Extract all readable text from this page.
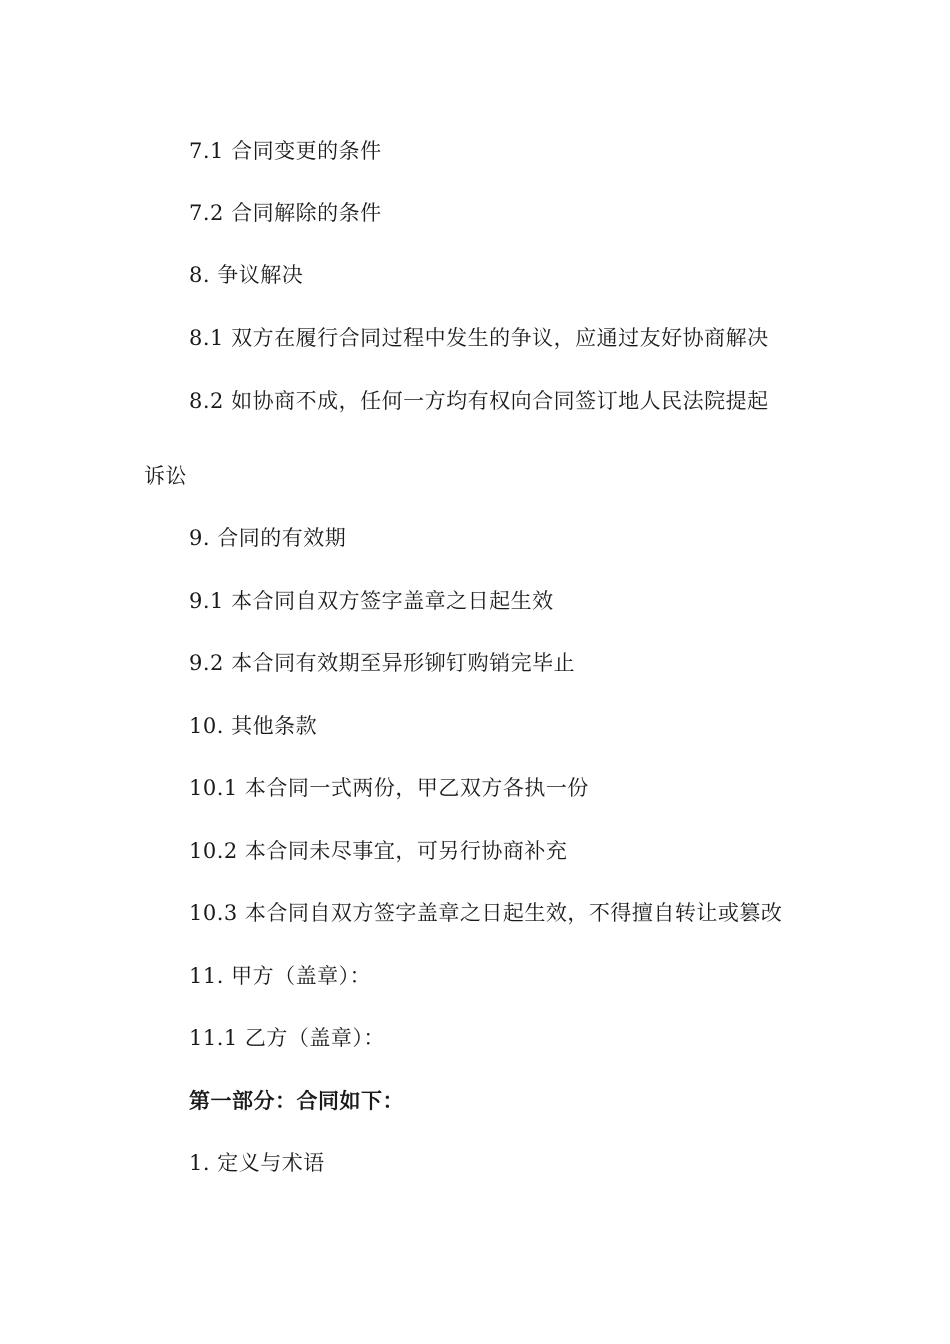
7.1 合同变更的条件
7.2 合同解除的条件
8. 争议解决
8.1 双方在履行合同过程中发生的争议，应通过友好协商解决
8.2 如协商不成，任何一方均有权向合同签订地人民法院提起
诉讼
9. 合同的有效期
9.1 本合同自双方签字盖章之日起生效
9.2 本合同有效期至异形铆钉购销完毕止
10. 其他条款
10.1 本合同一式两份，甲乙双方各执一份
10.2 本合同未尽事宜，可另行协商补充
10.3 本合同自双方签字盖章之日起生效，不得擅自转让或篡改
11. 甲方（盖章）：
11.1 乙方（盖章）：
第一部分：合同如下：
1. 定义与术语
